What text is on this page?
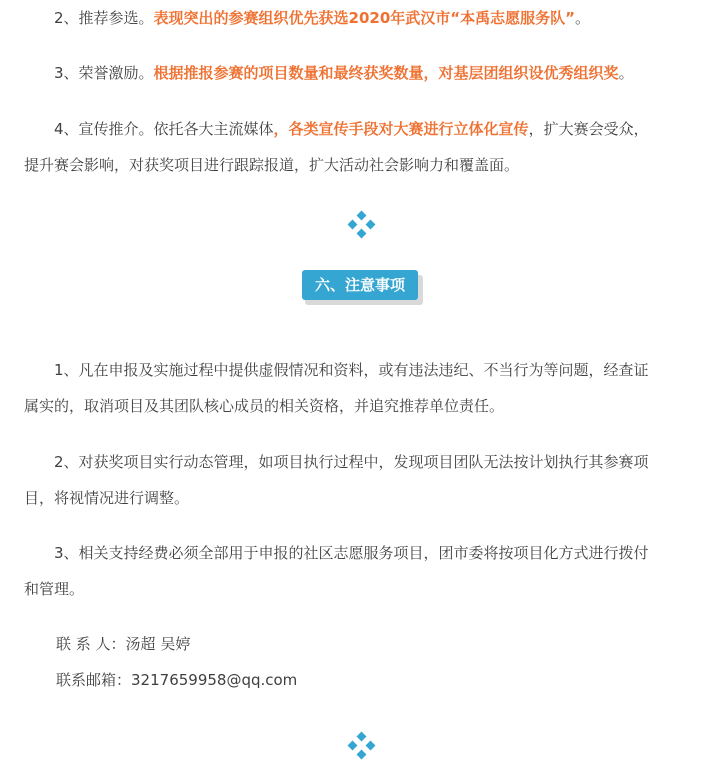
2、推荐参选。表现突出的参赛组织优先获选2020年武汉市“本禹志愿服务队”。

3、荣誉激励。根据推报参赛的项目数量和最终获奖数量，对基层团组织设优秀组织奖。

4、宣传推介。依托各大主流媒体，各类宣传手段对大赛进行立体化宣传，扩大赛会受众，
提升赛会影响，对获奖项目进行跟踪报道，扩大活动社会影响力和覆盖面。

六、注意事项

1、凡在申报及实施过程中提供虚假情况和资料，或有违法违纪、不当行为等问题，经查证
属实的，取消项目及其团队核心成员的相关资格，并追究推荐单位责任。

2、对获奖项目实行动态管理，如项目执行过程中，发现项目团队无法按计划执行其参赛项
目，将视情况进行调整。

3、相关支持经费必须全部用于申报的社区志愿服务项目，团市委将按项目化方式进行拨付
和管理。

联 系 人：汤超 吴婷
联系邮箱：3217659958@qq.com
